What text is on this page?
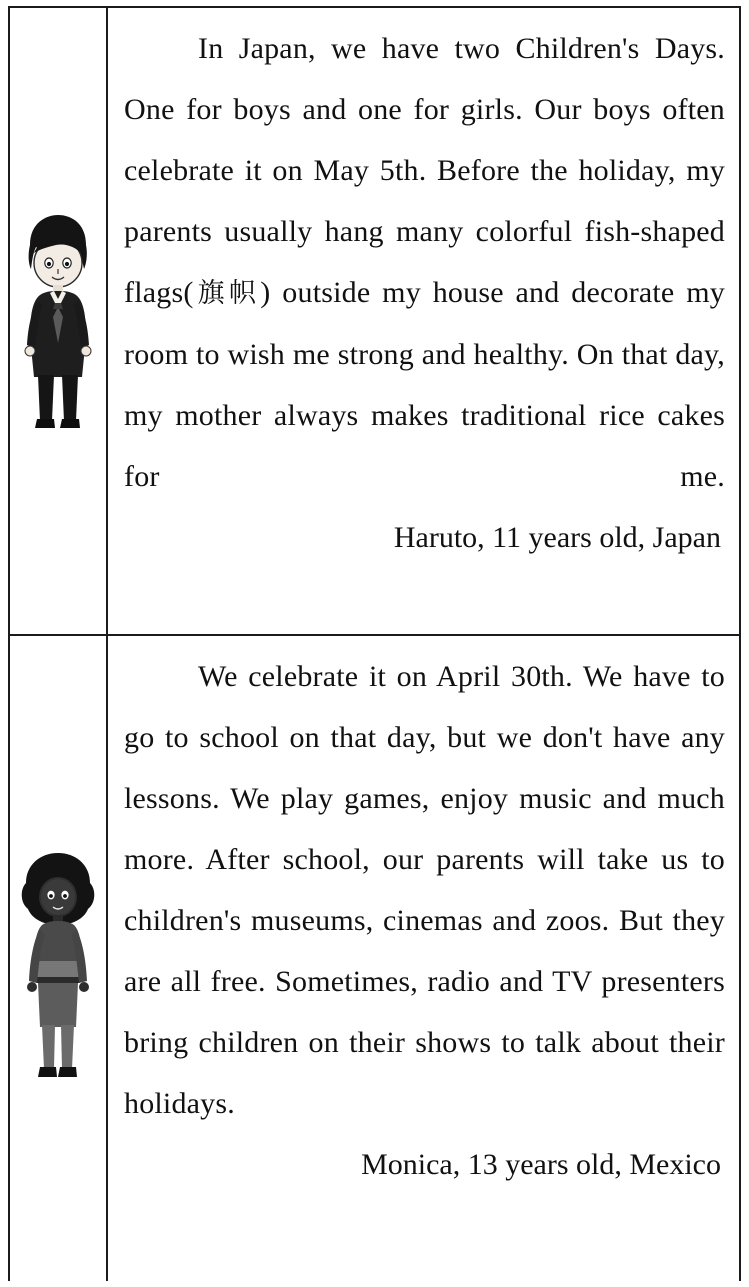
In Japan, we have two Children's Days. One for boys and one for girls. Our boys often celebrate it on May 5th. Before the holiday, my parents usually hang many colorful fish-shaped flags(旗帜) outside my house and decorate my room to wish me strong and healthy. On that day, my mother always makes traditional rice cakes for me.

Haruto, 11 years old, Japan

We celebrate it on April 30th. We have to go to school on that day, but we don't have any lessons. We play games, enjoy music and much more. After school, our parents will take us to children's museums, cinemas and zoos. But they are all free. Sometimes, radio and TV presenters bring children on their shows to talk about their holidays.

Monica, 13 years old, Mexico
